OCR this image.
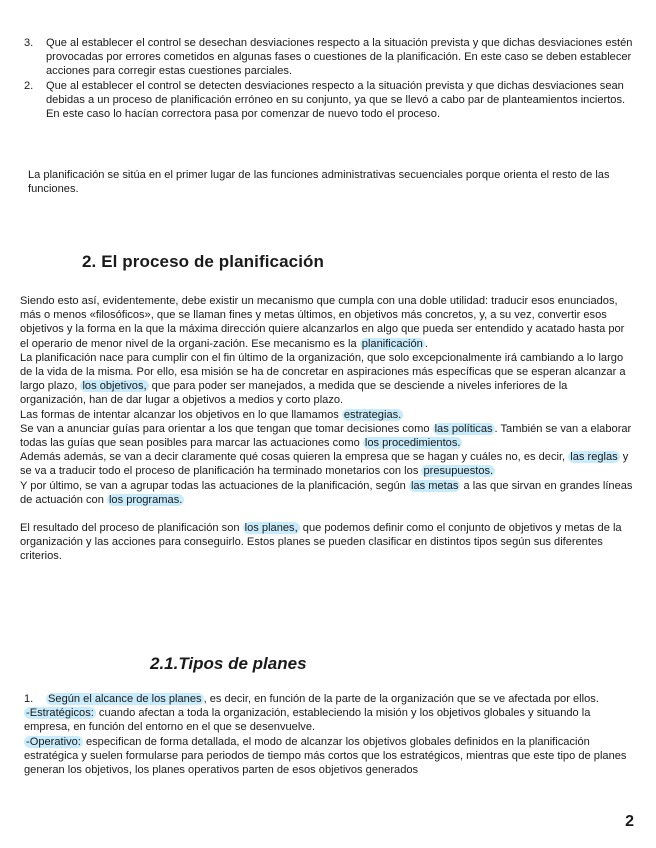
3. Que al establecer el control se desechan desviaciones respecto a la situación prevista y que dichas desviaciones estén provocadas por errores cometidos en algunas fases o cuestiones de la planificación. En este caso se deben establecer acciones para corregir estas cuestiones parciales.
2. Que al establecer el control se detecten desviaciones respecto a la situación prevista y que dichas desviaciones sean debidas a un proceso de planificación erróneo en su conjunto, ya que se llevó a cabo par de planteamientos inciertos. En este caso lo hacían correctora pasa por comenzar de nuevo todo el proceso.

La planificación se sitúa en el primer lugar de las funciones administrativas secuenciales porque orienta el resto de las funciones.

2. El proceso de planificación

Siendo esto así, evidentemente, debe existir un mecanismo que cumpla con una doble utilidad: traducir esos enunciados, más o menos «filosóficos», que se llaman fines y metas últimos, en objetivos más concretos, y, a su vez, convertir esos objetivos y la forma en la que la máxima dirección quiere alcanzarlos en algo que pueda ser entendido y acatado hasta por el operario de menor nivel de la organi-zación. Ese mecanismo es la planificación .

La planificación nace para cumplir con el fin último de la organización, que solo excepcionalmente irá cambiando a lo largo de la vida de la misma. Por ello, esa misión se ha de concretar en aspiraciones más específicas que se esperan alcanzar a largo plazo, los objetivos, que para poder ser manejados, a medida que se desciende a niveles inferiores de la organización, han de dar lugar a objetivos a medios y corto plazo.

Las formas de intentar alcanzar los objetivos en lo que llamamos estrategias.

Se van a anunciar guías para orientar a los que tengan que tomar decisiones como las políticas . También se van a elaborar todas las guías que sean posibles para marcar las actuaciones como los procedimientos.

Además además, se van a decir claramente qué cosas quieren la empresa que se hagan y cuáles no, es decir, las reglas y se va a traducir todo el proceso de planificación ha terminado monetarios con los presupuestos.

Y por último, se van a agrupar todas las actuaciones de la planificación, según las metas a las que sirvan en grandes líneas de actuación con los programas.

El resultado del proceso de planificación son los planes, que podemos definir como el conjunto de objetivos y metas de la organización y las acciones para conseguirlo. Estos planes se pueden clasificar en distintos tipos según sus diferentes criterios.

2.1.Tipos de planes
1. Según el alcance de los planes , es decir, en función de la parte de la organización que se ve afectada por ellos.

-Estratégicos: cuando afectan a toda la organización, estableciendo la misión y los objetivos globales y situando la empresa, en función del entorno en el que se desenvuelve.

-Operativo: especifican de forma detallada, el modo de alcanzar los objetivos globales definidos en la planificación estratégica y suelen formularse para periodos de tiempo más cortos que los estratégicos, mientras que este tipo de planes generan los objetivos, los planes operativos parten de esos objetivos generados

2
